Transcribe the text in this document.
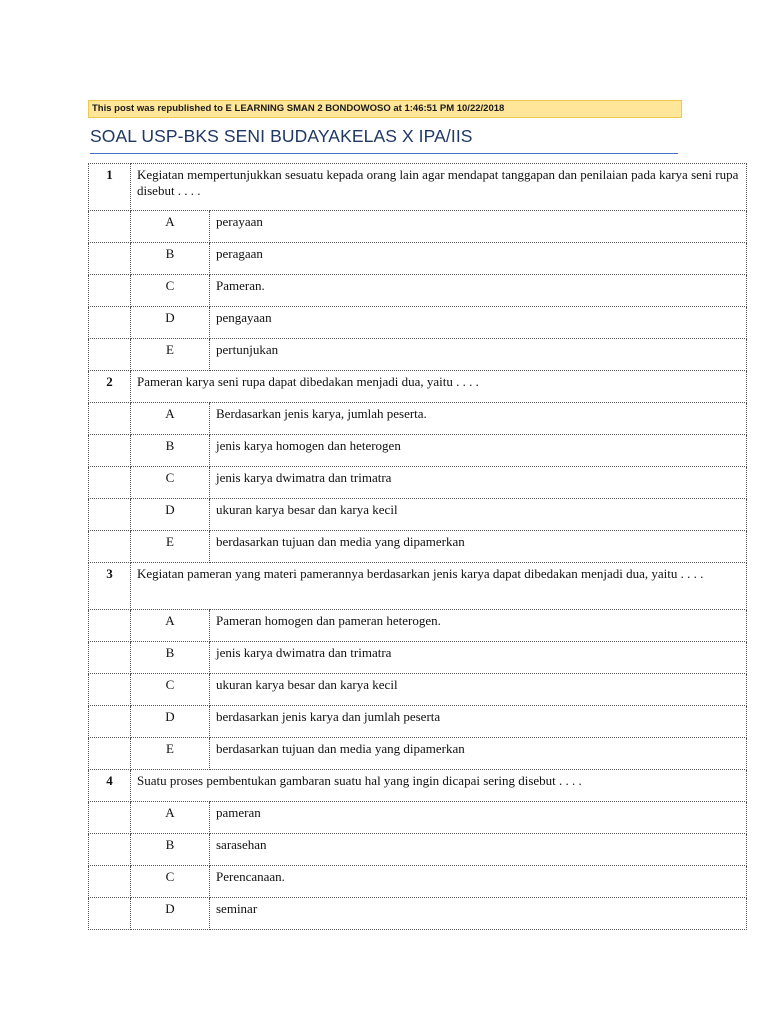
This post was republished to E LEARNING SMAN 2 BONDOWOSO at 1:46:51 PM 10/22/2018
SOAL USP-BKS SENI BUDAYAKELAS X IPA/IIS
1	Kegiatan mempertunjukkan sesuatu kepada orang lain agar mendapat tanggapan dan penilaian pada karya seni rupa disebut . . . .	
	A	perayaan
	B	peragaan
	C	Pameran.
	D	pengayaan
	E	pertunjukan
2	Pameran karya seni rupa dapat dibedakan menjadi dua, yaitu . . . .	
	A	Berdasarkan jenis karya, jumlah peserta.
	B	jenis karya homogen dan heterogen
	C	jenis karya dwimatra dan trimatra
	D	ukuran karya besar dan karya kecil
	E	berdasarkan tujuan dan media yang dipamerkan
3	Kegiatan pameran yang materi pamerannya berdasarkan jenis karya dapat dibedakan menjadi dua, yaitu . . . .	
	A	Pameran homogen dan pameran heterogen.
	B	jenis karya dwimatra dan trimatra
	C	ukuran karya besar dan karya kecil
	D	berdasarkan jenis karya dan jumlah peserta
	E	berdasarkan tujuan dan media yang dipamerkan
4	Suatu proses pembentukan gambaran suatu hal yang ingin dicapai sering disebut . . . .	
	A	pameran
	B	sarasehan
	C	Perencanaan.
	D	seminar
